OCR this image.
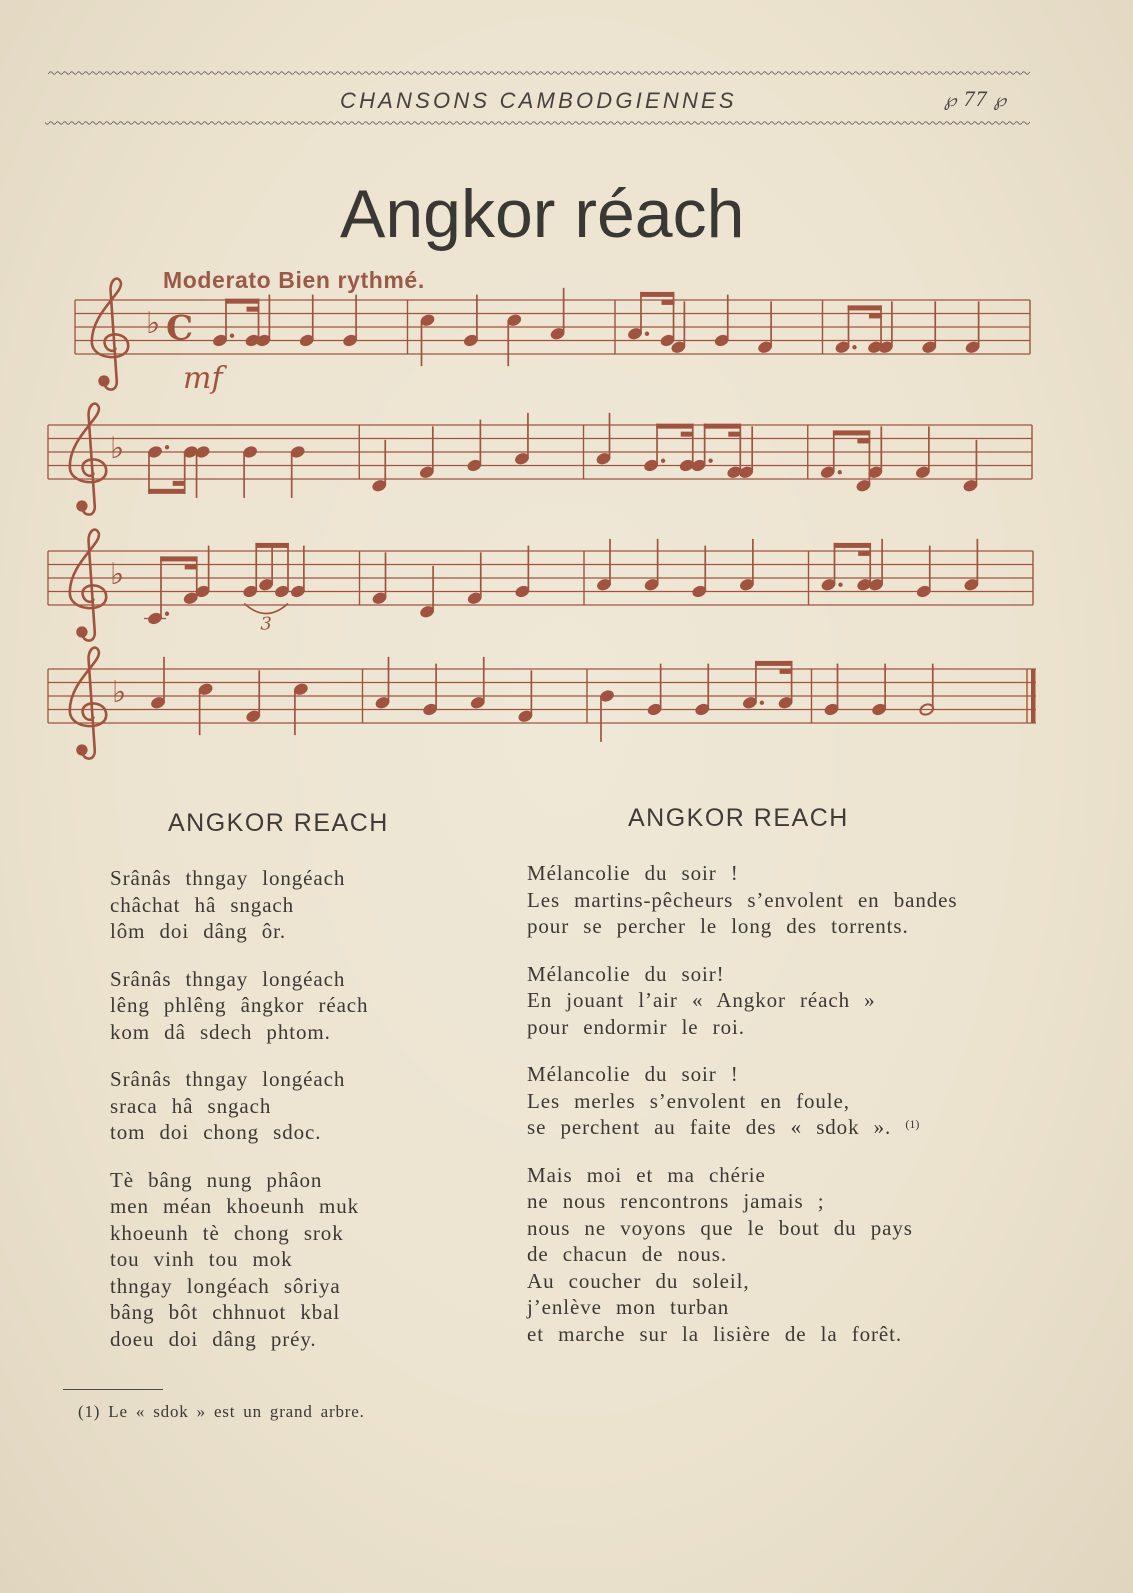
CHANSONS CAMBODGIENNES	℘ 77 ℘
Angkor réach
Moderato Bien rythmé.
mf
♭ C
♭
♭
3
♭
ANGKOR REACH	ANGKOR REACH
Srânâs thngay longéach
châchat hâ sngach
lôm doi dâng ôr.
Srânâs thngay longéach
lêng phlêng ângkor réach
kom dâ sdech phtom.
Srânâs thngay longéach
sraca hâ sngach
tom doi chong sdoc.
Tè bâng nung phâon
men méan khoeunh muk
khoeunh tè chong srok
tou vinh tou mok
thngay longéach sôriya
bâng bôt chhnuot kbal
doeu doi dâng préy.
Mélancolie du soir !
Les martins-pêcheurs s’envolent en bandes
pour se percher le long des torrents.
Mélancolie du soir!
En jouant l’air « Angkor réach »
pour endormir le roi.
Mélancolie du soir !
Les merles s’envolent en foule,
se perchent au faite des « sdok ». $^{(1)}$
Mais moi et ma chérie
ne nous rencontrons jamais ;
nous ne voyons que le bout du pays
de chacun de nous.
Au coucher du soleil,
j’enlève mon turban
et marche sur la lisière de la forêt.
(1) Le « sdok » est un grand arbre.
